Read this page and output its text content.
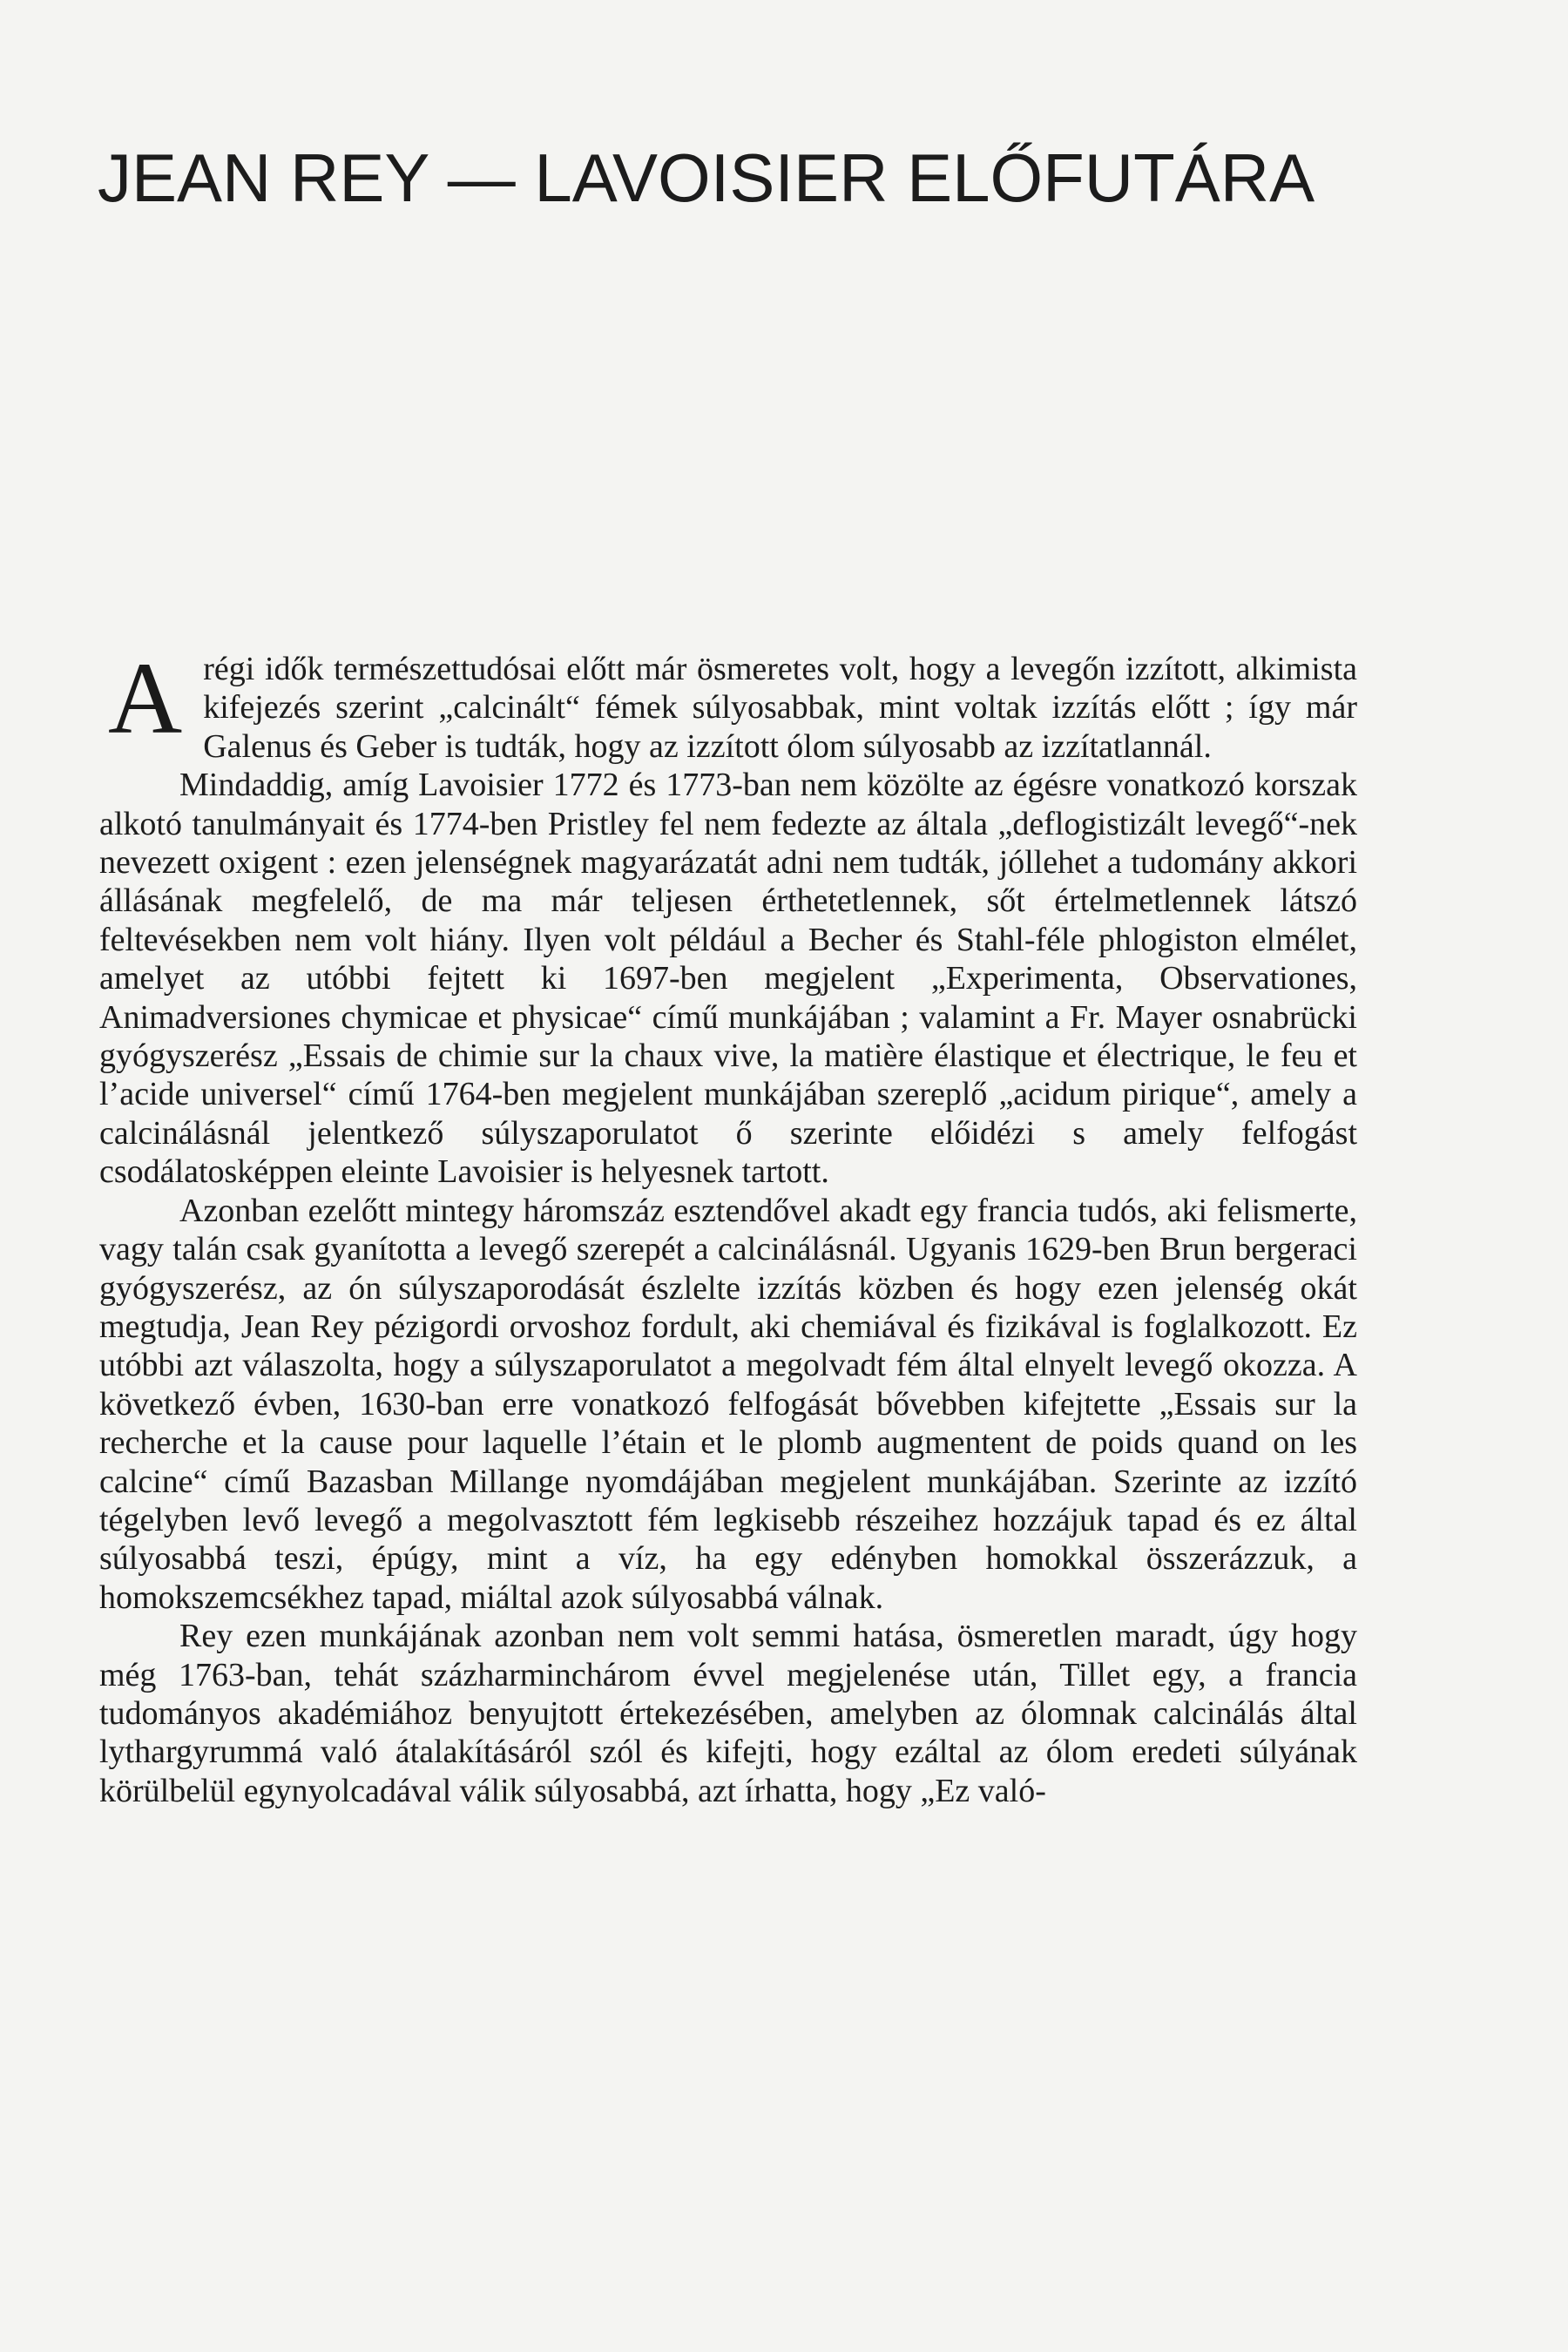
JEAN REY — LAVOISIER ELŐFUTÁRA

A régi idők természettudósai előtt már ösmeretes volt, hogy a levegőn izzított, alkimista kifejezés szerint „calcinált“ fémek súlyosabbak, mint voltak izzítás előtt ; így már Galenus és Geber is tudták, hogy az izzított ólom súlyosabb az izzítatlannál.

Mindaddig, amíg Lavoisier 1772 és 1773-ban nem közölte az égésre vonatkozó korszak alkotó tanulmányait és 1774-ben Pristley fel nem fedezte az általa „deflogistizált levegő“-nek nevezett oxigent : ezen jelenségnek magyarázatát adni nem tudták, jóllehet a tudomány akkori állásának megfelelő, de ma már teljesen érthetetlennek, sőt értelmetlennek látszó feltevésekben nem volt hiány. Ilyen volt például a Becher és Stahl-féle phlogiston elmélet, amelyet az utóbbi fejtett ki 1697-ben megjelent „Experimenta, Observationes, Animadversiones chymicae et physicae“ című munkájában ; valamint a Fr. Mayer osnabrücki gyógyszerész „Essais de chimie sur la chaux vive, la matière élastique et électrique, le feu et l’acide universel“ című 1764-ben megjelent munkájában szereplő „acidum pirique“, amely a calcinálásnál jelentkező súlyszaporulatot ő szerinte előidézi s amely felfogást csodálatosképpen eleinte Lavoisier is helyesnek tartott.

Azonban ezelőtt mintegy háromszáz esztendővel akadt egy francia tudós, aki felismerte, vagy talán csak gyanította a levegő szerepét a calcinálásnál. Ugyanis 1629-ben Brun bergeraci gyógyszerész, az ón súlyszaporodását észlelte izzítás közben és hogy ezen jelenség okát megtudja, Jean Rey pézigordi orvoshoz fordult, aki chemiával és fizikával is foglalkozott. Ez utóbbi azt válaszolta, hogy a súlyszaporulatot a megolvadt fém által elnyelt levegő okozza. A következő évben, 1630-ban erre vonatkozó felfogását bővebben kifejtette „Essais sur la recherche et la cause pour laquelle l’étain et le plomb augmentent de poids quand on les calcine“ című Bazasban Millange nyomdájában megjelent munkájában. Szerinte az izzító tégelyben levő levegő a megolvasztott fém legkisebb részeihez hozzájuk tapad és ez által súlyosabbá teszi, épúgy, mint a víz, ha egy edényben homokkal összerázzuk, a homokszemcsékhez tapad, miáltal azok súlyosabbá válnak.

Rey ezen munkájának azonban nem volt semmi hatása, ösmeretlen maradt, úgy hogy még 1763-ban, tehát százharminchárom évvel megjelenése után, Tillet egy, a francia tudományos akadémiához benyujtott értekezésében, amelyben az ólomnak calcinálás által lythargyrummá való átalakításáról szól és kifejti, hogy ezáltal az ólom eredeti súlyának körülbelül egynyolcadával válik súlyosabbá, azt írhatta, hogy „Ez való-
